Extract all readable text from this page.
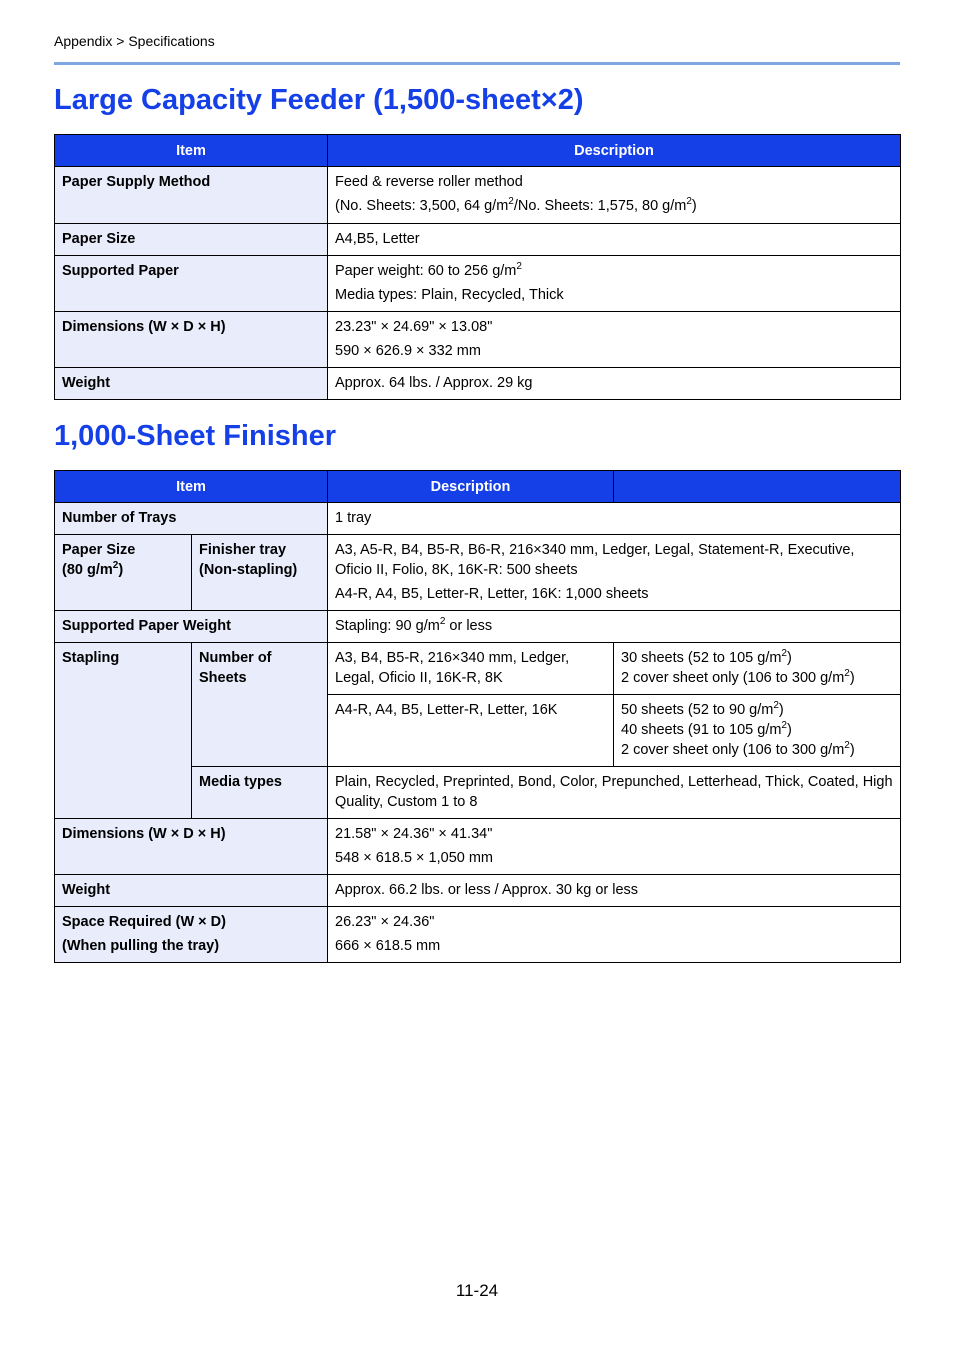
Appendix > Specifications
Large Capacity Feeder (1,500-sheet×2)
Item	Description
Paper Supply Method	Feed & reverse roller method
(No. Sheets: 3,500, 64 $g/m^2/No$. Sheets: 1,575, 80 $g/m^2$)

Paper Size	A4,B5, Letter
Supported Paper	Paper weight: 60 to 256 $g/m^2$
Media types: Plain, Recycled, Thick

Dimensions (W × D × H)	23.23" × 24.69" × 13.08"
590 × 626.9 × 332 mm

Weight	Approx. 64 lbs. / Approx. 29 kg
1,000-Sheet Finisher
Item		Description	
Number of Trays		1 tray	

Paper Size
(80 $g/m^2$)	Finisher tray (Non-stapling)	A3, A5-R, B4, B5-R, B6-R, 216×340 mm, Ledger, Legal, Statement-R, Executive, Oficio II, Folio, 8K, 16K-R: 500 sheets
A4-R, A4, B5, Letter-R, Letter, 16K: 1,000 sheets	

Supported Paper Weight		Stapling: 90 $g/m^2$ or less	
Stapling	Number of Sheets	A3, B4, B5-R, 216×340 mm, Ledger, Legal, Oficio II, 16K-R, 8K	30 sheets (52 to 105 $g/m^2$)
2 cover sheet only (106 to 300 $g/m^2$)

		A4-R, A4, B5, Letter-R, Letter, 16K	50 sheets (52 to 90 $g/m^2$)
40 sheets (91 to 105 $g/m^2$)
2 cover sheet only (106 to 300 $g/m^2$)

	Media types	Plain, Recycled, Preprinted, Bond, Color, Prepunched, Letterhead, Thick, Coated, High Quality, Custom 1 to 8	
Dimensions (W × D × H)		21.58" × 24.36" × 41.34"
548 × 618.5 × 1,050 mm	

Weight		Approx. 66.2 lbs. or less / Approx. 30 kg or less	

Space Required (W × D)
(When pulling the tray)		26.23" × 24.36"
666 × 618.5 mm	
11-24
